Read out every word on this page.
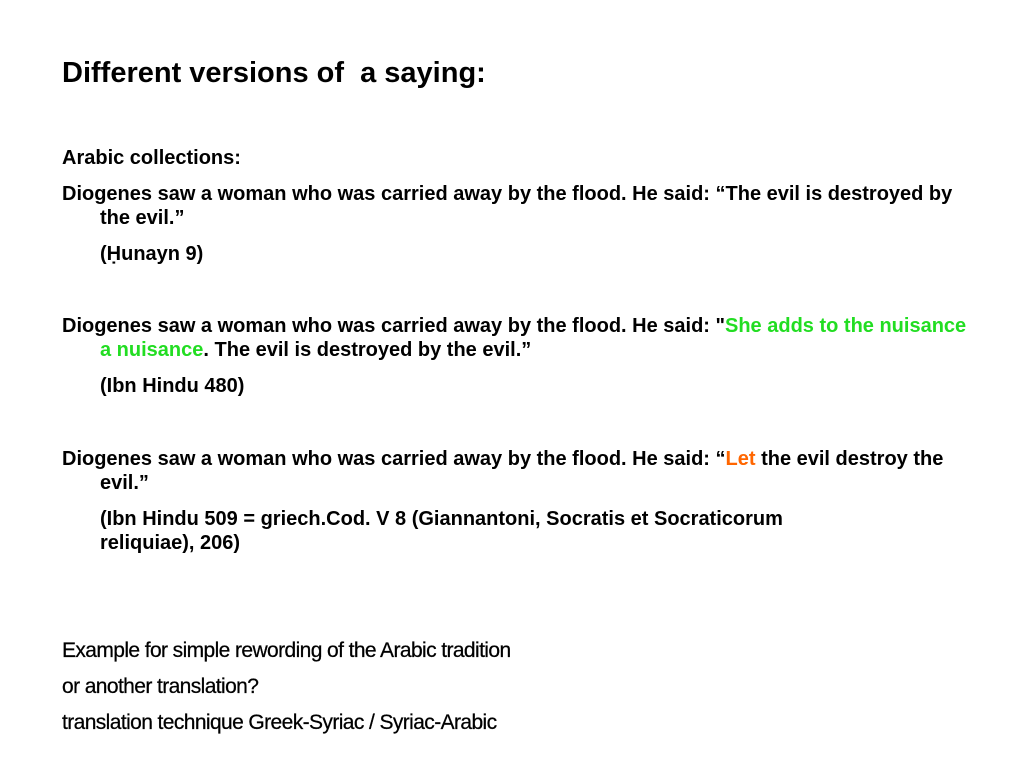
Different versions of  a saying:

Arabic collections:

Diogenes saw a woman who was carried away by the flood. He said: “The evil is destroyed by the evil.”

(Ḥunayn 9)

Diogenes saw a woman who was carried away by the flood. He said: "She adds to the nuisance a nuisance. The evil is destroyed by the evil.”

(Ibn Hindu 480)

Diogenes saw a woman who was carried away by the flood. He said: “Let the evil destroy the evil.”

(Ibn Hindu 509 = griech.Cod. V 8 (Giannantoni, Socratis et Socraticorum reliquiae), 206)

Example for simple rewording of the Arabic tradition

or another translation?

translation technique Greek-Syriac / Syriac-Arabic
